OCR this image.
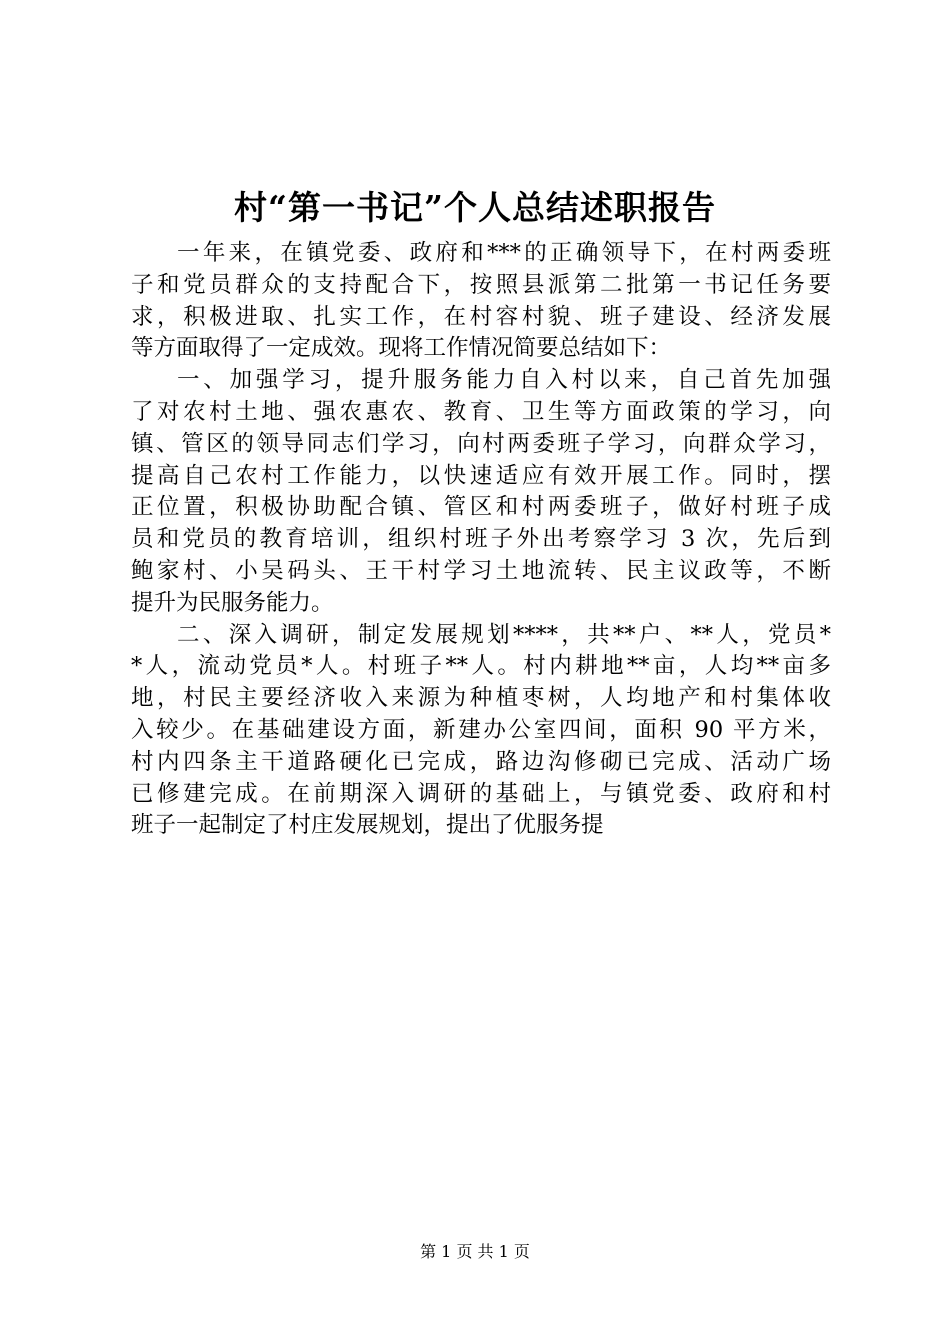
村“第一书记”个人总结述职报告
一年来，在镇党委、政府和***的正确领导下，在村两委班
子和党员群众的支持配合下，按照县派第二批第一书记任务要
求，积极进取、扎实工作，在村容村貌、班子建设、经济发展
等方面取得了一定成效。现将工作情况简要总结如下：
一、加强学习，提升服务能力自入村以来，自己首先加强
了对农村土地、强农惠农、教育、卫生等方面政策的学习，向
镇、管区的领导同志们学习，向村两委班子学习，向群众学习，
提高自己农村工作能力，以快速适应有效开展工作。同时，摆
正位置，积极协助配合镇、管区和村两委班子，做好村班子成
员和党员的教育培训，组织村班子外出考察学习 3 次，先后到
鲍家村、小吴码头、王干村学习土地流转、民主议政等，不断
提升为民服务能力。
二、深入调研，制定发展规划****，共**户、**人，党员*
*人，流动党员*人。村班子**人。村内耕地**亩，人均**亩多
地，村民主要经济收入来源为种植枣树，人均地产和村集体收
入较少。在基础建设方面，新建办公室四间，面积 90 平方米，
村内四条主干道路硬化已完成，路边沟修砌已完成、活动广场
已修建完成。在前期深入调研的基础上，与镇党委、政府和村
班子一起制定了村庄发展规划，提出了优服务提
第 1 页 共 1 页
